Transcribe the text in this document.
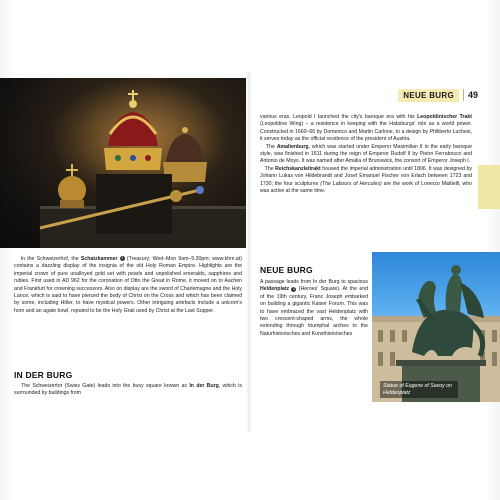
NEUE BURG	49

In the Schweizerhof, the Schatzkammer 1 (Treasury; Wed–Mon 9am–5.30pm; www.khm.at) contains a dazzling display of the insignia of the old Holy Roman Empire. Highlights are the imperial crown of pure unalloyed gold set with pearls and unpolished emeralds, sapphires and rubies. First used in AD 962 for the coronation of Otto the Great in Rome, it moved on to Aachen and Frankfurt for crowning successors. Also on display are the sword of Charlemagne and the Holy Lance, which is said to have pierced the body of Christ on the Cross and which has been claimed by some, including Hitler, to have mystical powers. Other intriguing artefacts include a unicorn's horn and an agate bowl, reputed to be the Holy Grail used by Christ at the Last Supper.

IN DER BURG

The Schweizertor (Swiss Gate) leads into the busy square known as In der Burg, which is surrounded by buildings from

various eras. Leopold I launched the city's baroque era with his Leopoldinischer Trakt (Leopoldine Wing) – a residence in keeping with the Habsburgs' role as a world power. Constructed in 1660–66 by Domenico and Martin Carlone, to a design by Philiberto Luchesi, it serves today as the official residence of the president of Austria.

The Amalienburg, which was started under Emperor Maximilian II in the early baroque style, was finished in 1611 during the reign of Emperor Rudolf II by Pietro Ferrabosco and Antonio de Moys. It was named after Amalia of Brunswick, the consort of Emperor Joseph I.

The Reichskanzleitrakt housed the imperial administration until 1806. It was designed by Johann Lukas von Hildebrandt and Josef Emanuel Fischer von Erlach between 1723 and 1730; the four sculptures (The Labours of Hercules) are the work of Lorenzo Mattielli, who was active at the same time.

NEUE BURG

A passage leads from In der Burg to spacious Heldenplatz 2 (Heroes' Square). At the end of the 19th century, Franz Joseph embarked on building a gigantic Kaiser Forum. This was to have embraced the vast Heldenplatz with two crescent-shaped arms, the whole extending through triumphal arches to the Naturhistorisches and Kunsthistorisches

Statue of Eugene of Savoy on Heldenplatz
